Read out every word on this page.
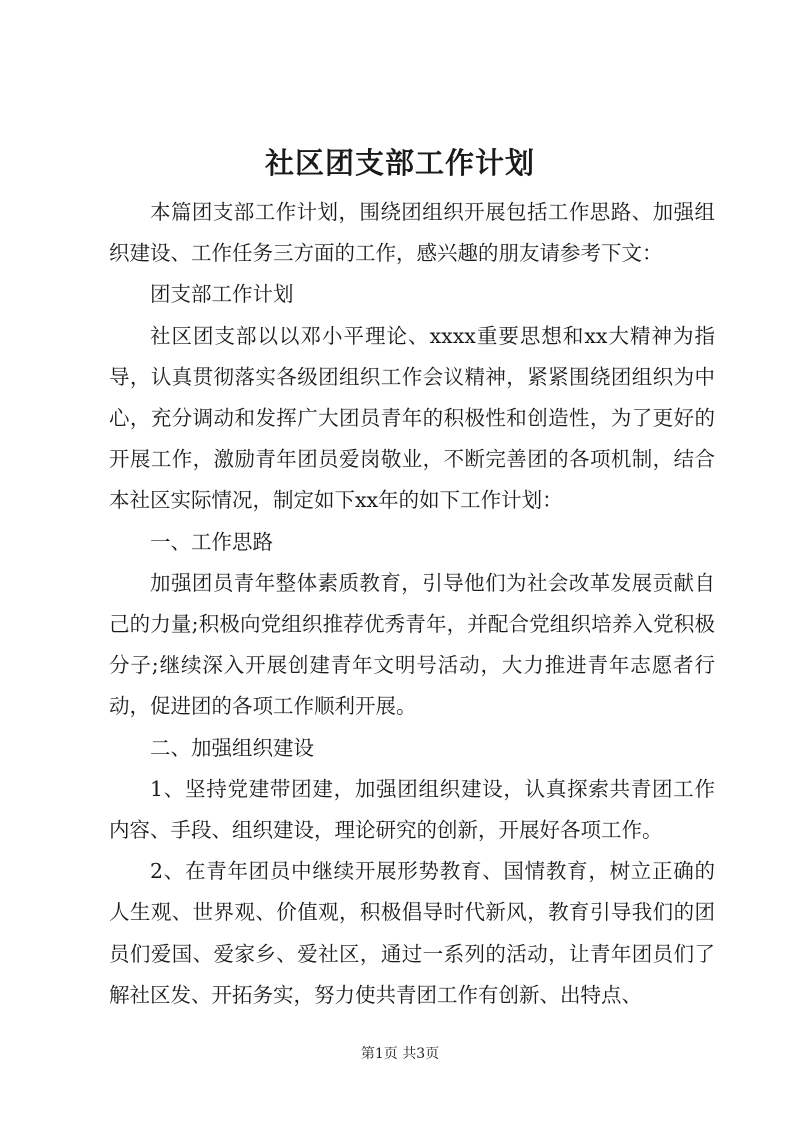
社区团支部工作计划

本篇团支部工作计划，围绕团组织开展包括工作思路、加强组织建设、工作任务三方面的工作，感兴趣的朋友请参考下文：

团支部工作计划

社区团支部以以邓小平理论、xxxx重要思想和xx大精神为指导，认真贯彻落实各级团组织工作会议精神，紧紧围绕团组织为中心，充分调动和发挥广大团员青年的积极性和创造性，为了更好的开展工作，激励青年团员爱岗敬业，不断完善团的各项机制，结合本社区实际情况，制定如下xx年的如下工作计划：

一、工作思路

加强团员青年整体素质教育，引导他们为社会改革发展贡献自己的力量;积极向党组织推荐优秀青年，并配合党组织培养入党积极分子;继续深入开展创建青年文明号活动，大力推进青年志愿者行动，促进团的各项工作顺利开展。

二、加强组织建设

1、坚持党建带团建，加强团组织建设，认真探索共青团工作内容、手段、组织建设，理论研究的创新，开展好各项工作。

2、在青年团员中继续开展形势教育、国情教育，树立正确的人生观、世界观、价值观，积极倡导时代新风，教育引导我们的团员们爱国、爱家乡、爱社区，通过一系列的活动，让青年团员们了解社区发、开拓务实，努力使共青团工作有创新、出特点、

第1页 共3页
